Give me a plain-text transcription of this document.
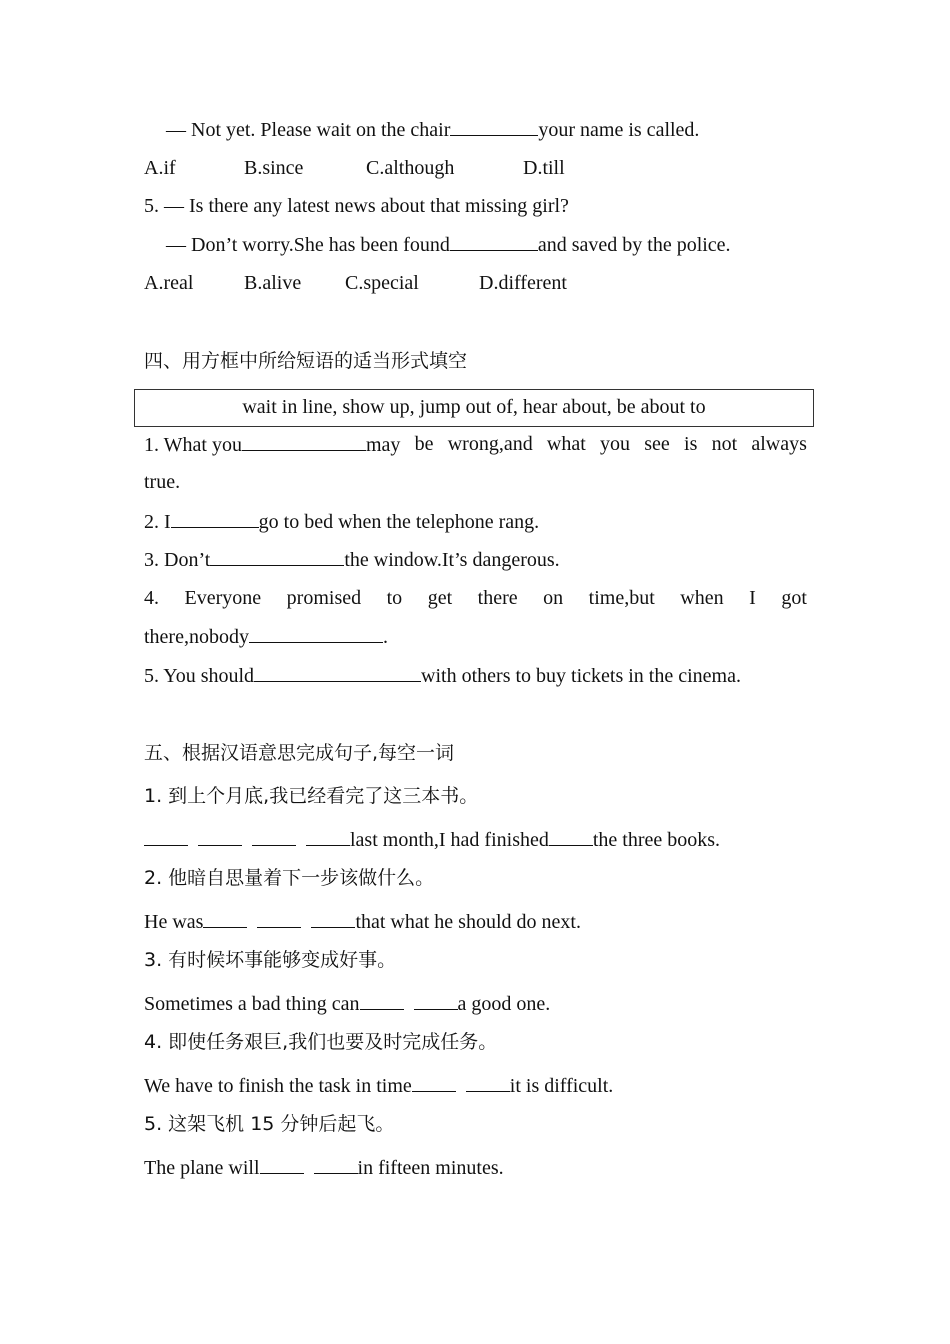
— Not yet. Please wait on the chair	your name is called.
A.if	B.since	C.although	D.till
5. — Is there any latest news about that missing girl?
— Don’t worry.She has been found	and saved by the police.
A.real	B.alive C.special	D.different
四、用方框中所给短语的适当形式填空
wait in line, show up, jump out of, hear about, be about to
1. What you	may be wrong,and what you see is not always
true.
2. I	go to bed when the telephone rang.
3. Don’t	the window.It’s dangerous.
4. Everyone promised to get there on time,but when I got
there,nobody	.
5. You should	with others to buy tickets in the cinema.
五、根据汉语意思完成句子,每空一词
1. 到上个月底,我已经看完了这三本书。
last month,I had finished the three books.
2. 他暗自思量着下一步该做什么。
He was	that what he should do next.
3. 有时候坏事能够变成好事。
Sometimes a bad thing can	a good one.
4. 即使任务艰巨,我们也要及时完成任务。
We have to finish the task in time	it is difficult.
5. 这架飞机 15 分钟后起飞。
The plane will	in fifteen minutes.
